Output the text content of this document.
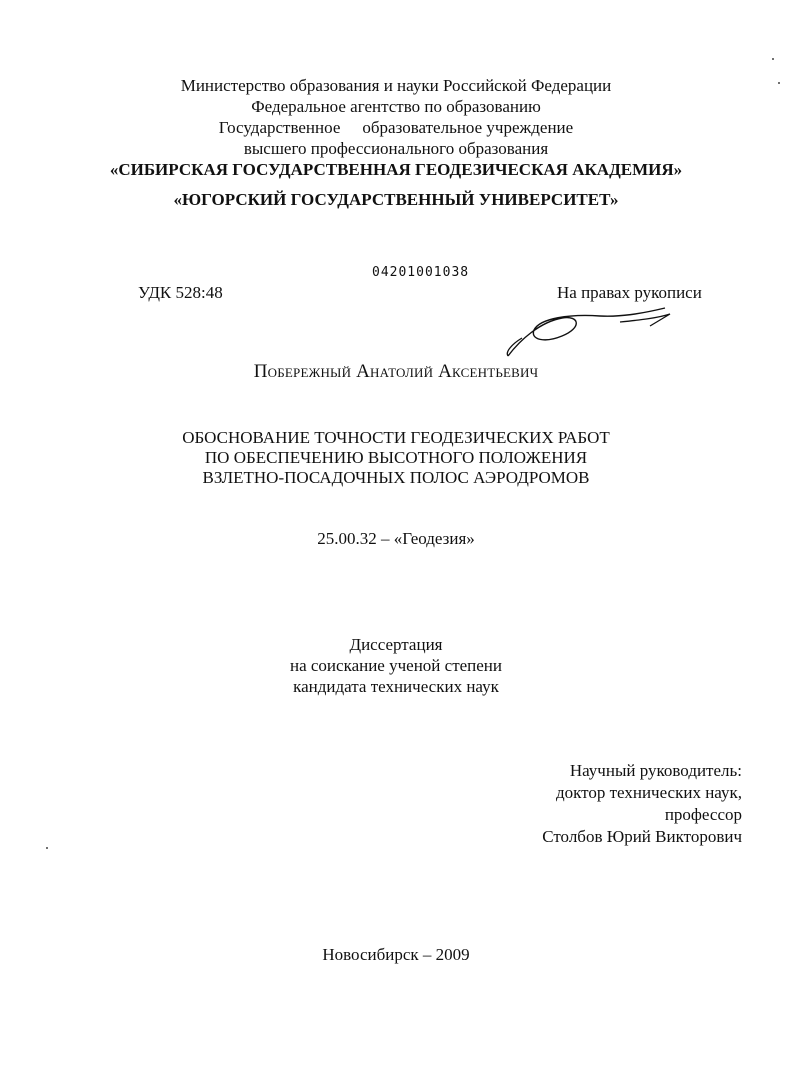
Министерство образования и науки Российской Федерации
Федеральное агентство по образованию
Государственное образовательное учреждение
высшего профессионального образования
«СИБИРСКАЯ ГОСУДАРСТВЕННАЯ ГЕОДЕЗИЧЕСКАЯ АКАДЕМИЯ»
«ЮГОРСКИЙ ГОСУДАРСТВЕННЫЙ УНИВЕРСИТЕТ»
04201001038
УДК 528:48	На правах рукописи
Побережный Анатолий Аксентьевич
ОБОСНОВАНИЕ ТОЧНОСТИ ГЕОДЕЗИЧЕСКИХ РАБОТ
ПО ОБЕСПЕЧЕНИЮ ВЫСОТНОГО ПОЛОЖЕНИЯ
ВЗЛЕТНО-ПОСАДОЧНЫХ ПОЛОС АЭРОДРОМОВ
25.00.32 – «Геодезия»
Диссертация
на соискание ученой степени
кандидата технических наук
Научный руководитель:
доктор технических наук,
профессор
Столбов Юрий Викторович
Новосибирск – 2009
